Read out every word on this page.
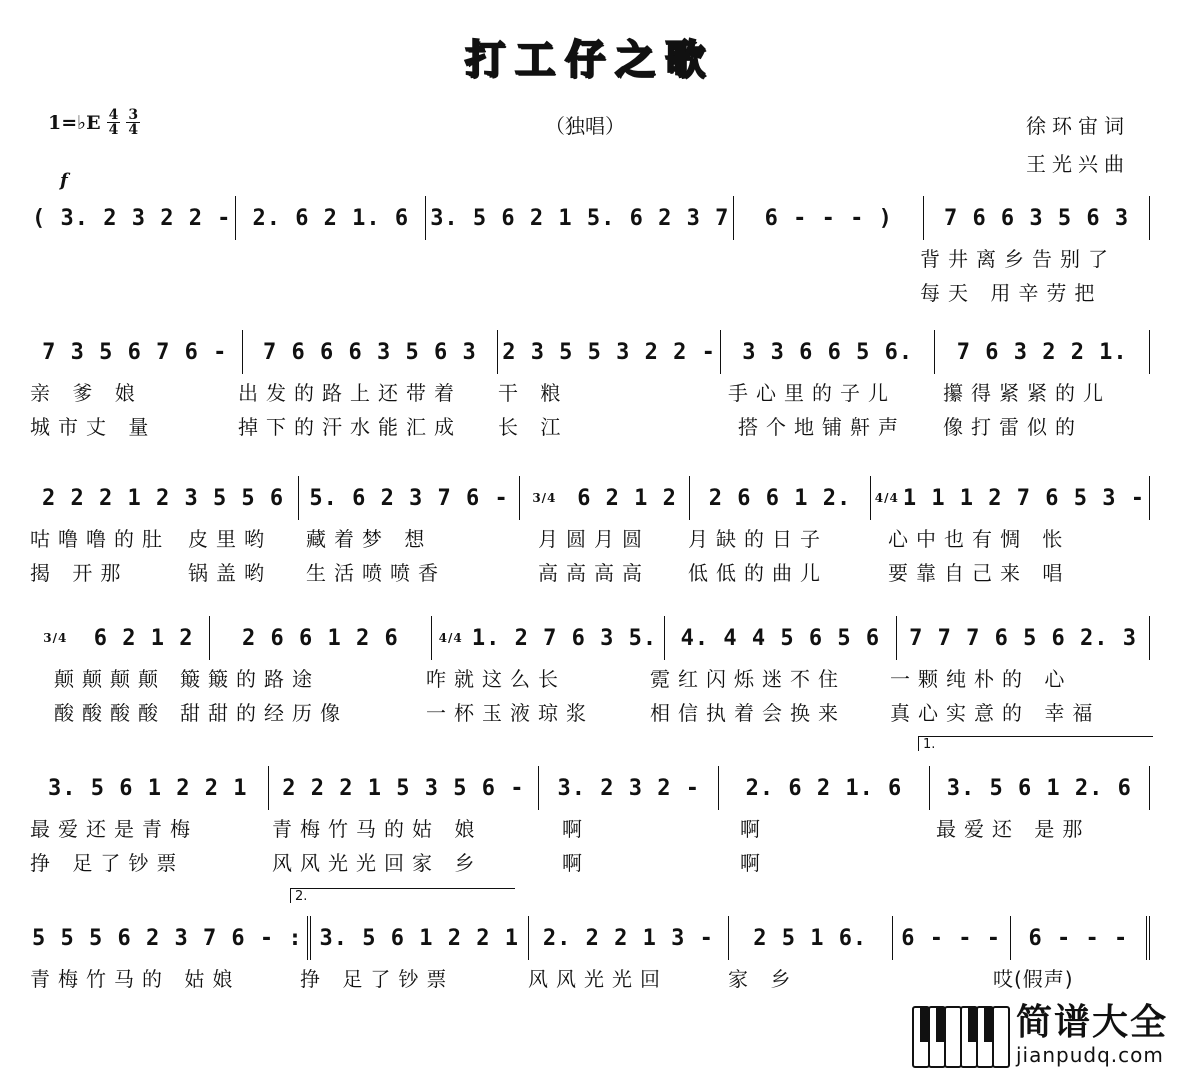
打工仔之歌
1=♭E $\frac{4}{4} \frac{3}{4}$	（独唱）	徐环宙词
王光兴曲
f
( 3. 2 3 2 2 - 2. 6 2 1. 6 3. 5 6 2 1 5. 6 2 3 7	6 - - - )	7 6 6 3 5 6 3
背井离乡告别了
每天 用辛劳把
7 3 5 6 7 6 -	7 6 6 6 3 5 6 3	2 3 5 5 3 2 2 -	3 3 6 6 5 6.	7 6 3 2 2 1.
亲 爹 娘	出发的路上还带着 干 粮	手心里的子儿 攥得紧紧的儿
城市丈 量	掉下的汗水能汇成 长 江	搭个地铺鼾声 像打雷似的
2 2 2 1 2 3 5 5 6	5. 6 2 3 7 6 -	3/4 6 2 1 2	2 6 6 1 2.	4/4 1 1 1 2 7 6 5 3 -
咕噜噜的肚 皮里哟 藏着梦 想	月圆月圆 月缺的日子	心中也有惆 怅
揭 开那	锅盖哟 生活喷喷香	高高高高 低低的曲儿	要靠自己来 唱
3/4 6 2 1 2	2 6 6 1 2 6	4/4 1. 2 7 6 3 5.	4. 4 4 5 6 5 6	7 7 7 6 5 6 2. 3
颠颠颠颠 簸簸的路途	咋就这么长	霓红闪烁迷不住 一颗纯朴的 心
酸酸酸酸 甜甜的经历像	一杯玉液琼浆	相信执着会换来 真心实意的 幸福
1.
3. 5 6 1 2 2 1	2 2 2 1 5 3 5 6 -	3. 2 3 2 -	2. 6 2 1. 6	3. 5 6 1 2. 6
最爱还是青梅	青梅竹马的姑 娘	啊	啊	最爱还 是那
挣 足了钞票	风风光光回家 乡	啊	啊
2.
5 5 5 6 2 3 7 6 - : 3. 5 6 1 2 2 1	2. 2 2 1 3 -	2 5 1 6.	6 - - -	6 - - -
青梅竹马的 姑娘	挣 足了钞票	风风光光回	家 乡	哎(假声)
简谱大全
jianpudq.com
